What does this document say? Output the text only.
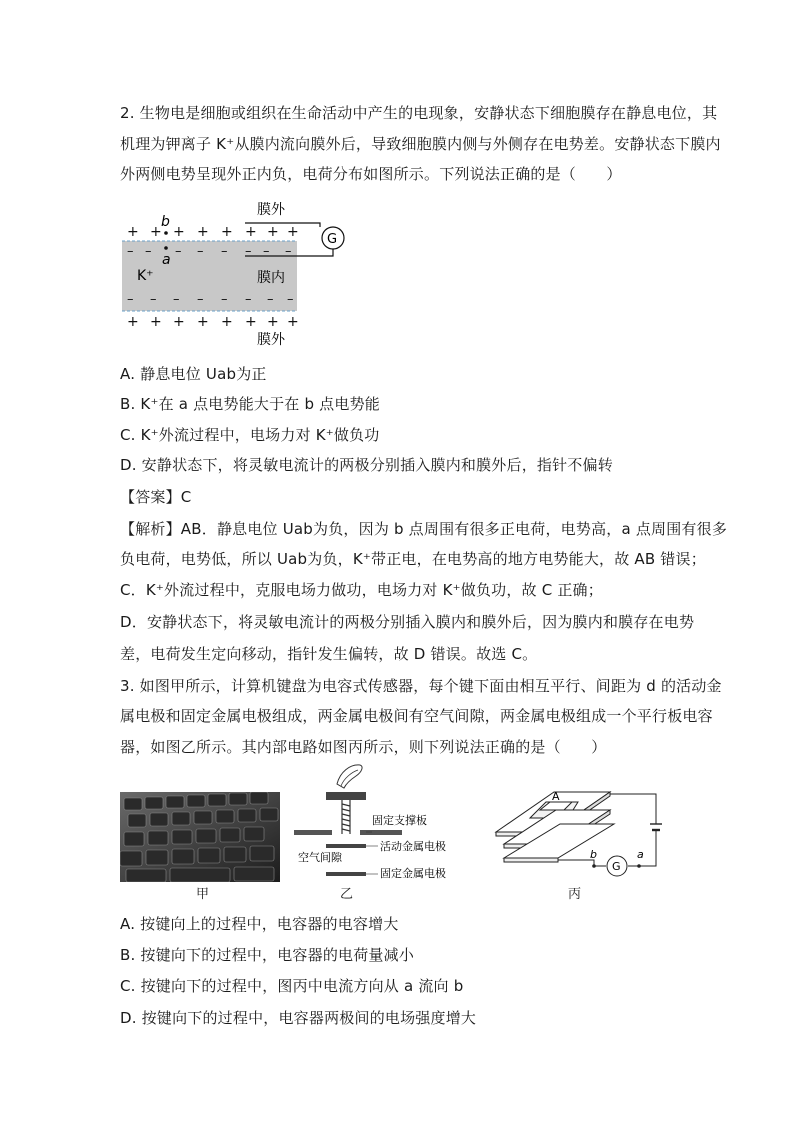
2. 生物电是细胞或组织在生命活动中产生的电现象，安静状态下细胞膜存在静息电位，其
机理为钾离子 K⁺从膜内流向膜外后，导致细胞膜内侧与外侧存在电势差。安静状态下膜内
外两侧电势呈现外正内负，电荷分布如图所示。下列说法正确的是（　　）
+ + + + + + + +
– – – – – – – –
– – – – – – – –
+ + + + + + + +
b
a
K⁺
G
膜外
膜内
膜外
A. 静息电位 Uab为正
B. K⁺在 a 点电势能大于在 b 点电势能
C. K⁺外流过程中，电场力对 K⁺做负功
D. 安静状态下，将灵敏电流计的两极分别插入膜内和膜外后，指针不偏转
【答案】C
【解析】AB．静息电位 Uab为负，因为 b 点周围有很多正电荷，电势高，a 点周围有很多
负电荷，电势低，所以 Uab为负，K⁺带正电，在电势高的地方电势能大，故 AB 错误；
C．K⁺外流过程中，克服电场力做功，电场力对 K⁺做负功，故 C 正确；
D．安静状态下，将灵敏电流计的两极分别插入膜内和膜外后，因为膜内和膜存在电势
差，电荷发生定向移动，指针发生偏转，故 D 错误。故选 C。
3. 如图甲所示，计算机键盘为电容式传感器，每个键下面由相互平行、间距为 d 的活动金
属电极和固定金属电极组成，两金属电极间有空气间隙，两金属电极组成一个平行板电容
器，如图乙所示。其内部电路如图丙所示，则下列说法正确的是（　　）
甲
固定支撑板
活动金属电极
空气间隙
固定金属电极
乙
A
G
b	a
丙
A. 按键向上的过程中，电容器的电容增大
B. 按键向下的过程中，电容器的电荷量减小
C. 按键向下的过程中，图丙中电流方向从 a 流向 b
D. 按键向下的过程中，电容器两极间的电场强度增大
